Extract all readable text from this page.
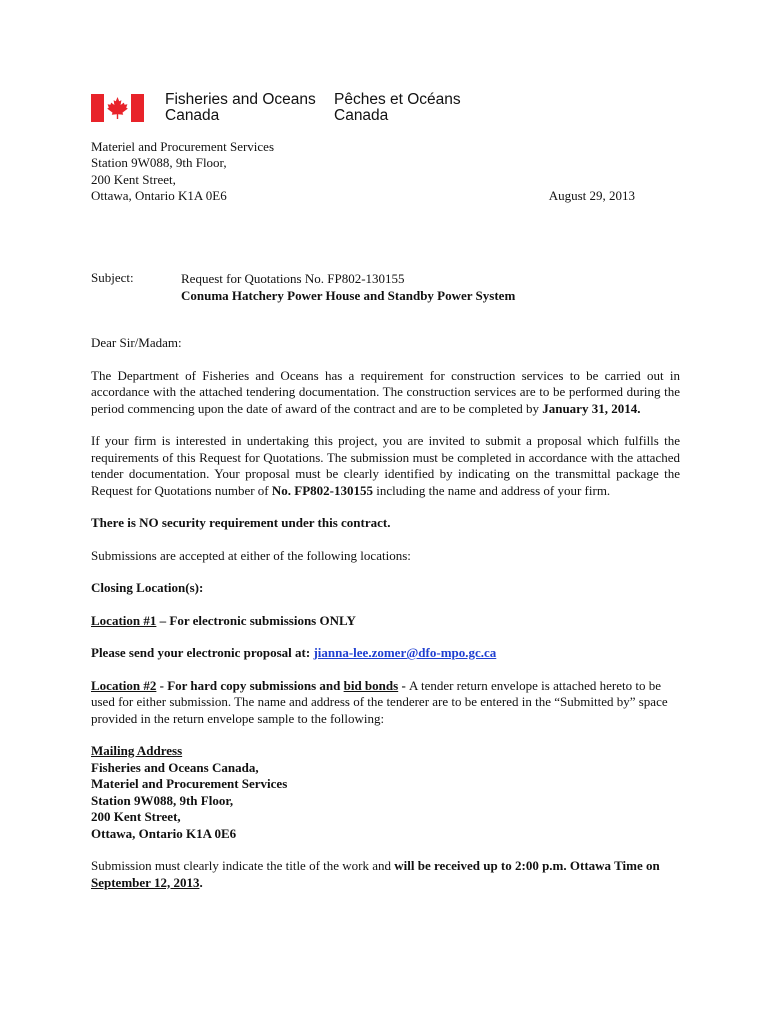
Fisheries and Oceans
Canada
Pêches et Océans
Canada
Materiel and Procurement Services
Station 9W088, 9th Floor,
200 Kent Street,
Ottawa, Ontario K1A 0E6	August 29, 2013
Subject:	Request for Quotations No. FP802-130155
Conuma Hatchery Power House and Standby Power System

Dear Sir/Madam:

The Department of Fisheries and Oceans has a requirement for construction services to be carried out in accordance with the attached tendering documentation. The construction services are to be performed during the period commencing upon the date of award of the contract and are to be completed by January 31, 2014.

If your firm is interested in undertaking this project, you are invited to submit a proposal which fulfills the requirements of this Request for Quotations. The submission must be completed in accordance with the attached tender documentation. Your proposal must be clearly identified by indicating on the transmittal package the Request for Quotations number of No. FP802-130155 including the name and address of your firm.

There is NO security requirement under this contract.

Submissions are accepted at either of the following locations:

Closing Location(s):

Location #1 – For electronic submissions ONLY

Please send your electronic proposal at: jianna-lee.zomer@dfo-mpo.gc.ca

Location #2 - For hard copy submissions and bid bonds - A tender return envelope is attached hereto to be used for either submission. The name and address of the tenderer are to be entered in the “Submitted by” space provided in the return envelope sample to the following:

Mailing Address
Fisheries and Oceans Canada,
Materiel and Procurement Services
Station 9W088, 9th Floor,
200 Kent Street,
Ottawa, Ontario K1A 0E6

Submission must clearly indicate the title of the work and will be received up to 2:00 p.m. Ottawa Time on September 12, 2013.
